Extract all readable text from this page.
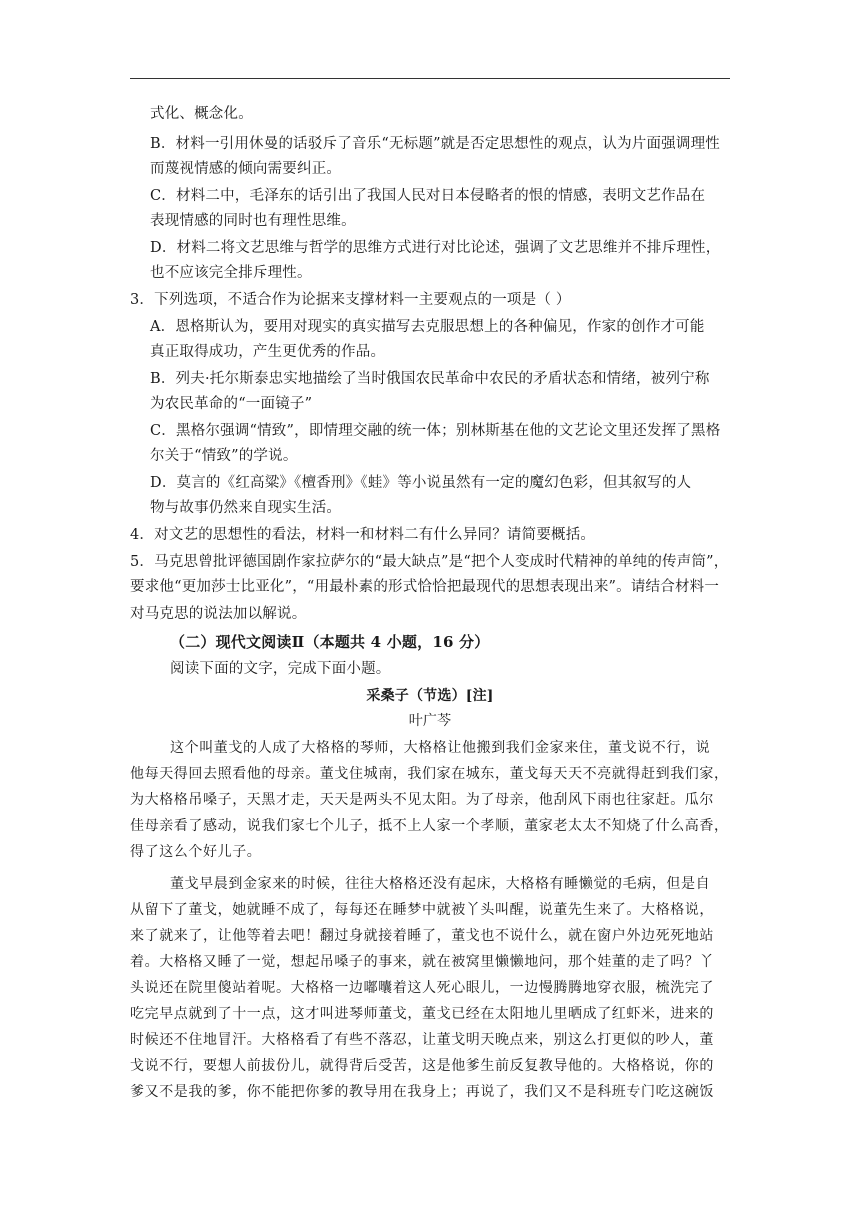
式化、概念化。
B．材料一引用休曼的话驳斥了音乐“无标题”就是否定思想性的观点，认为片面强调理性
而蔑视情感的倾向需要纠正。
C．材料二中，毛泽东的话引出了我国人民对日本侵略者的恨的情感，表明文艺作品在
表现情感的同时也有理性思维。
D．材料二将文艺思维与哲学的思维方式进行对比论述，强调了文艺思维并不排斥理性，
也不应该完全排斥理性。
3．下列选项，不适合作为论据来支撑材料一主要观点的一项是（ ）
A．恩格斯认为，要用对现实的真实描写去克服思想上的各种偏见，作家的创作才可能
真正取得成功，产生更优秀的作品。
B．列夫·托尔斯泰忠实地描绘了当时俄国农民革命中农民的矛盾状态和情绪，被列宁称
为农民革命的“一面镜子”
C．黑格尔强调“情致”，即情理交融的统一体；别林斯基在他的文艺论文里还发挥了黑格
尔关于“情致”的学说。
D．莫言的《红高粱》《檀香刑》《蛙》等小说虽然有一定的魔幻色彩，但其叙写的人
物与故事仍然来自现实生活。
4．对文艺的思想性的看法，材料一和材料二有什么异同？请简要概括。
5．马克思曾批评德国剧作家拉萨尔的“最大缺点”是“把个人变成时代精神的单纯的传声筒”，
要求他“更加莎士比亚化”，“用最朴素的形式恰恰把最现代的思想表现出来”。请结合材料一
对马克思的说法加以解说。
（二）现代文阅读Ⅱ（本题共 4 小题，16 分）
阅读下面的文字，完成下面小题。
采桑子（节选）[注]
叶广芩
这个叫董戈的人成了大格格的琴师，大格格让他搬到我们金家来住，董戈说不行，说
他每天得回去照看他的母亲。董戈住城南，我们家在城东，董戈每天天不亮就得赶到我们家，
为大格格吊嗓子，天黑才走，天天是两头不见太阳。为了母亲，他刮风下雨也往家赶。瓜尔
佳母亲看了感动，说我们家七个儿子，抵不上人家一个孝顺，董家老太太不知烧了什么高香，
得了这么个好儿子。
董戈早晨到金家来的时候，往往大格格还没有起床，大格格有睡懒觉的毛病，但是自
从留下了董戈，她就睡不成了，每每还在睡梦中就被丫头叫醒，说董先生来了。大格格说，
来了就来了，让他等着去吧！翻过身就接着睡了，董戈也不说什么，就在窗户外边死死地站
着。大格格又睡了一觉，想起吊嗓子的事来，就在被窝里懒懒地问，那个娃董的走了吗？丫
头说还在院里傻站着呢。大格格一边嘟囔着这人死心眼儿，一边慢腾腾地穿衣服，梳洗完了
吃完早点就到了十一点，这才叫进琴师董戈，董戈已经在太阳地儿里晒成了红虾米，进来的
时候还不住地冒汗。大格格看了有些不落忍，让董戈明天晚点来，别这么打更似的吵人，董
戈说不行，要想人前拔份儿，就得背后受苦，这是他爹生前反复教导他的。大格格说，你的
爹又不是我的爹，你不能把你爹的教导用在我身上；再说了，我们又不是科班专门吃这碗饭
